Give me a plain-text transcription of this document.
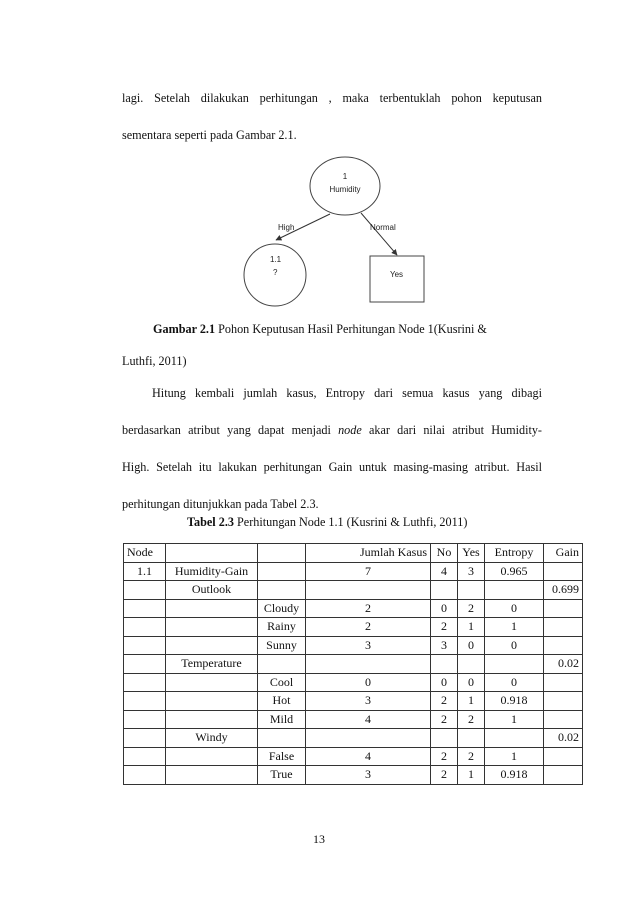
lagi. Setelah dilakukan perhitungan , maka terbentuklah pohon keputusan
sementara seperti pada Gambar 2.1.
1
Humidity
High	Normal
1.1
?	Yes
Gambar 2.1 Pohon Keputusan Hasil Perhitungan Node 1(Kusrini &
Luthfi, 2011)
Hitung kembali jumlah kasus, Entropy dari semua kasus yang dibagi
berdasarkan atribut yang dapat menjadi node akar dari nilai atribut Humidity-
High. Setelah itu lakukan perhitungan Gain untuk masing-masing atribut. Hasil
perhitungan ditunjukkan pada Tabel 2.3.
Tabel 2.3 Perhitungan Node 1.1 (Kusrini & Luthfi, 2011)
Node			Jumlah Kasus	No	Yes	Entropy	Gain
1.1	Humidity-Gain		7	4	3	0.965	
	Outlook						0.699
		Cloudy	2	0	2	0	
		Rainy	2	2	1	1	
		Sunny	3	3	0	0	
	Temperature						0.02
		Cool	0	0	0	0	
		Hot	3	2	1	0.918	
		Mild	4	2	2	1	
	Windy						0.02
		False	4	2	2	1	
		True	3	2	1	0.918	
13
